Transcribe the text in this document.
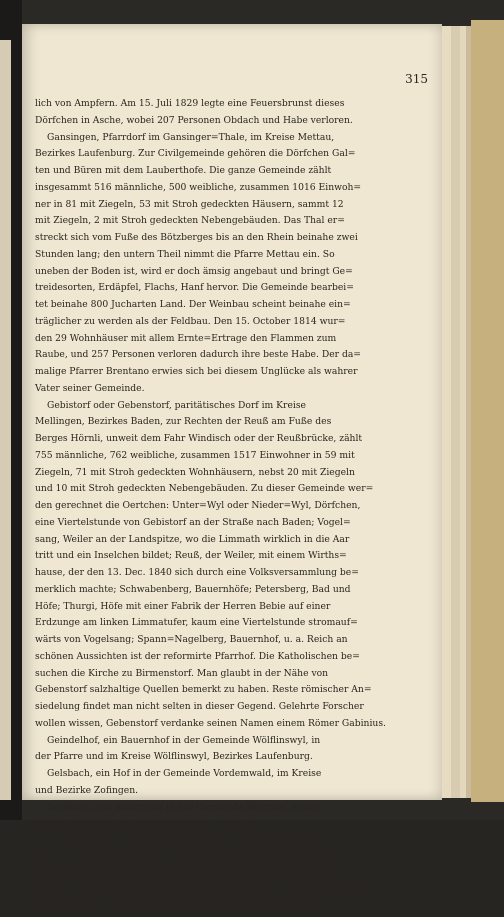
315
lich von Ampfern. Am 15. Juli 1829 legte eine Feuersbrunst dieses
Dörfchen in Asche, wobei 207 Personen Obdach und Habe verloren.
Gansingen, Pfarrdorf im Gansinger=Thale, im Kreise Mettau,
Bezirkes Laufenburg. Zur Civilgemeinde gehören die Dörfchen Gal=
ten und Büren mit dem Lauberthofe. Die ganze Gemeinde zählt
insgesammt 516 männliche, 500 weibliche, zusammen 1016 Einwoh=
ner in 81 mit Ziegeln, 53 mit Stroh gedeckten Häusern, sammt 12
mit Ziegeln, 2 mit Stroh gedeckten Nebengebäuden. Das Thal er=
streckt sich vom Fuße des Bötzberges bis an den Rhein beinahe zwei
Stunden lang; den untern Theil nimmt die Pfarre Mettau ein. So
uneben der Boden ist, wird er doch ämsig angebaut und bringt Ge=
treidesorten, Erdäpfel, Flachs, Hanf hervor. Die Gemeinde bearbei=
tet beinahe 800 Jucharten Land. Der Weinbau scheint beinahe ein=
träglicher zu werden als der Feldbau. Den 15. October 1814 wur=
den 29 Wohnhäuser mit allem Ernte=Ertrage den Flammen zum
Raube, und 257 Personen verloren dadurch ihre beste Habe. Der da=
malige Pfarrer Brentano erwies sich bei diesem Unglücke als wahrer
Vater seiner Gemeinde.
Gebistorf oder Gebenstorf, paritätisches Dorf im Kreise
Mellingen, Bezirkes Baden, zur Rechten der Reuß am Fuße des
Berges Hörnli, unweit dem Fahr Windisch oder der Reußbrücke, zählt
755 männliche, 762 weibliche, zusammen 1517 Einwohner in 59 mit
Ziegeln, 71 mit Stroh gedeckten Wohnhäusern, nebst 20 mit Ziegeln
und 10 mit Stroh gedeckten Nebengebäuden. Zu dieser Gemeinde wer=
den gerechnet die Oertchen: Unter=Wyl oder Nieder=Wyl, Dörfchen,
eine Viertelstunde von Gebistorf an der Straße nach Baden; Vogel=
sang, Weiler an der Landspitze, wo die Limmath wirklich in die Aar
tritt und ein Inselchen bildet; Reuß, der Weiler, mit einem Wirths=
hause, der den 13. Dec. 1840 sich durch eine Volksversammlung be=
merklich machte; Schwabenberg, Bauernhöfe; Petersberg, Bad und
Höfe; Thurgi, Höfe mit einer Fabrik der Herren Bebie auf einer
Erdzunge am linken Limmatufer, kaum eine Viertelstunde stromauf=
wärts von Vogelsang; Spann=Nagelberg, Bauernhof, u. a. Reich an
schönen Aussichten ist der reformirte Pfarrhof. Die Katholischen be=
suchen die Kirche zu Birmenstorf. Man glaubt in der Nähe von
Gebenstorf salzhaltige Quellen bemerkt zu haben. Reste römischer An=
siedelung findet man nicht selten in dieser Gegend. Gelehrte Forscher
wollen wissen, Gebenstorf verdanke seinen Namen einem Römer Gabinius.
Geindelhof, ein Bauernhof in der Gemeinde Wölflinswyl, in
der Pfarre und im Kreise Wölflinswyl, Bezirkes Laufenburg.
Gelsbach, ein Hof in der Gemeinde Vordemwald, im Kreise
und Bezirke Zofingen.
Geißbach, ein Bauernhof in der Gemeinde Brittnau, in der
Pfarre und im Kreise Brittnau, Bezirkes Zofingen.
Geißberg, hoher Berg, 695,7 Meter oder 2142 Pariser Fuß
über das Meer aufsteigend, im Kreise Rain, Bezirkes Brugg, an
dessen Fuß Villigen liegt und dessen Scheitel die Ruine der Burg
Besserstein krönt. Hier befand sich eine Hochwacht mit weiter Umsicht.
Die Wildbahn dieses Revieres war immer als ergiebig bekannt.
